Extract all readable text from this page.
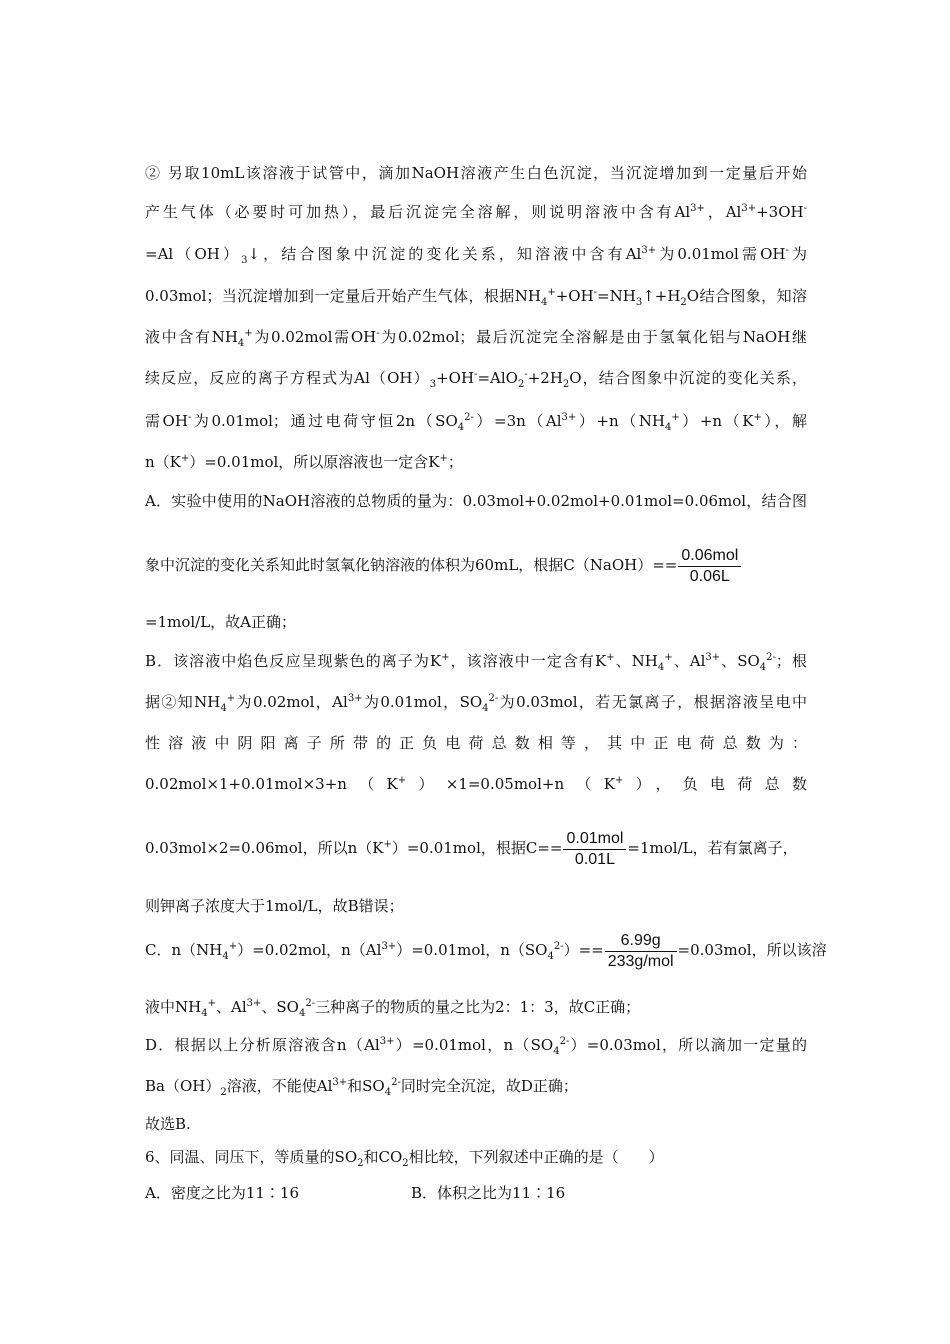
② 另取10mL该溶液于试管中，滴加NaOH溶液产生白色沉淀，当沉淀增加到一定量后开始
产生气体（必要时可加热），最后沉淀完全溶解，则说明溶液中含有$Al^{3+}$，$Al^{3+}+3OH^-$
$=Al(OH)_3↓$，结合图象中沉淀的变化关系，知溶液中含有$Al^{3+}$为0.01mol需OH-为
0.03mol；当沉淀增加到一定量后开始产生气体，根据$NH_4^++OH^-=NH_3↑+H_2O$结合图象，知溶
液中含有$NH_4^+$为0.02mol需OH-为0.02mol；最后沉淀完全溶解是由于氢氧化铝与NaOH继
续反应，反应的离子方程式为$Al(OH)_3+OH^-=AlO_2^-+2H_2O$，结合图象中沉淀的变化关系，
需OH-为0.01mol；通过电荷守恒$2n(SO_4^{2-})=3n(Al^{3+})+n(NH_4^+)+n(K^+)$，解
n（K+）=0.01mol，所以原溶液也一定含K+；
A．实验中使用的NaOH溶液的总物质的量为：0.03mol+0.02mol+0.01mol=0.06mol，结合图
象中沉淀的变化关系知此时氢氧化钠溶液的体积为60mL，根据C（NaOH）== $\frac{\text{0.06mol}}{0.06L}$
=1mol/L，故A正确；
B．该溶液中焰色反应呈现紫色的离子为K+，该溶液中一定含有K+、$NH_4^+$、$Al^{3+}$、$SO_4^{2-}$；根
据②知$NH_4^+$为0.02mol，$Al^{3+}$为0.01mol，$SO_4^{2-}$为0.03mol，若无氯离子，根据溶液呈电中
性溶液中阴阳离子所带的正负电荷总数相等，其中正电荷总数为：
0.02mol×1+0.01mol×3+n（K+）×1=0.05mol+n（K+），负电荷总数
0.03mol×2=0.06mol，所以n（K+）=0.01mol，根据$C== \frac{\text{0.01mol}}{0.01L} =1mol/L$，若有氯离子，
则钾离子浓度大于1mol/L，故B错误；
C．$n(NH_4^+)=0.02mol$，$n(Al^{3+})=0.01mol$，$n(SO_4^{2-})== \frac{6.99g}{\text{233g/mol}} =0.03mol$，所以该溶
液中$NH_4^+$、$Al^{3+}$、$SO_4^{2-}$三种离子的物质的量之比为2：1：3，故C正确；
D．根据以上分析原溶液含$n(Al^{3+})=0.01mol$，$n(SO_4^{2-})=0.03mol$，所以滴加一定量的
$Ba(OH)_2$溶液，不能使$Al^{3+}$和$SO_4^{2-}$同时完全沉淀，故D正确；
故选B.
6、同温、同压下，等质量的$SO_2$和$CO_2$相比较，下列叙述中正确的是（　　）
A．密度之比为11∶16	B．体积之比为11∶16
